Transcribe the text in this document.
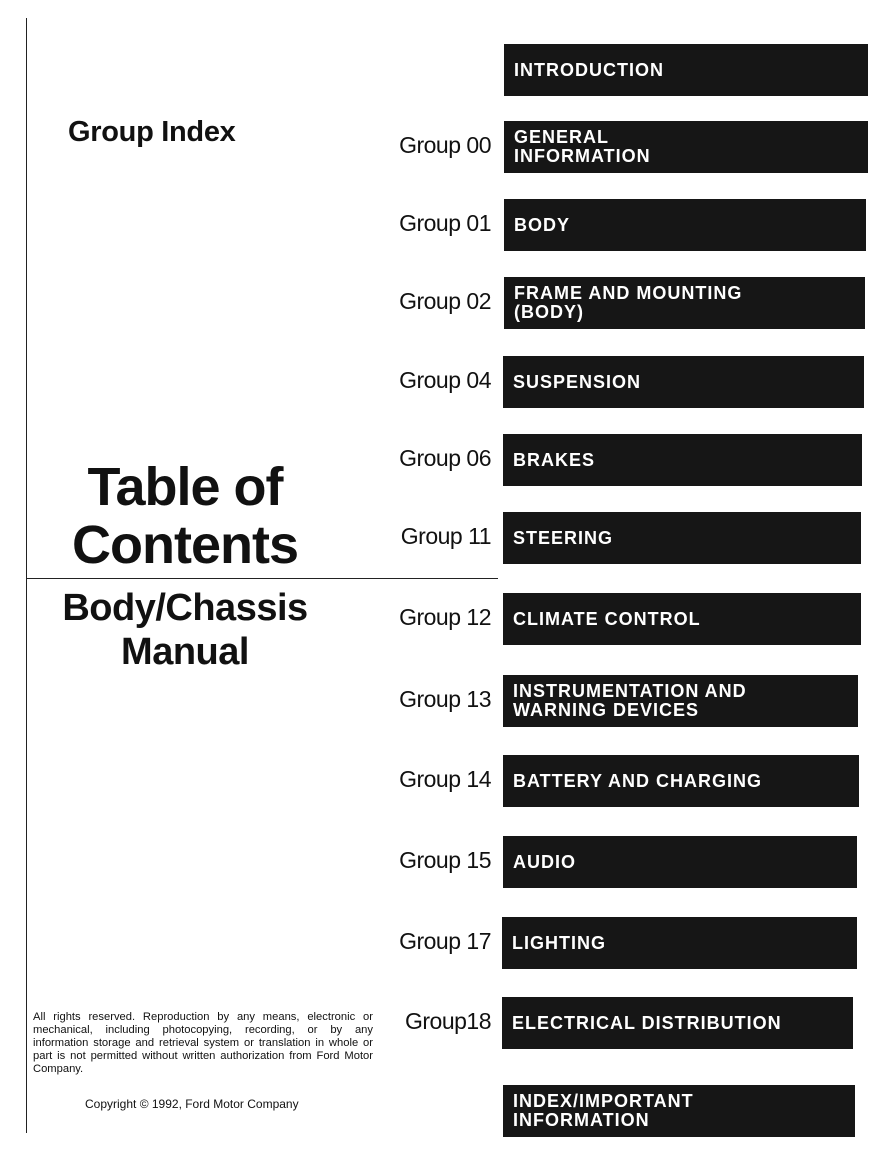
Group Index
Table of Contents
Body/Chassis Manual
All rights reserved. Reproduction by any means, electronic or mechanical, including photocopying, recording, or by any information storage and retrieval system or translation in whole or part is not permitted without written authorization from Ford Motor Company.
Copyright © 1992, Ford Motor Company
INTRODUCTION
Group 00 GENERAL
INFORMATION
Group 01 BODY
Group 02 FRAME AND MOUNTING
(BODY)
Group 04 SUSPENSION
Group 06 BRAKES
Group 11 STEERING
Group 12 CLIMATE CONTROL
Group 13 INSTRUMENTATION AND
WARNING DEVICES
Group 14 BATTERY AND CHARGING
Group 15 AUDIO
Group 17 LIGHTING
Group18 ELECTRICAL DISTRIBUTION
INDEX/IMPORTANT
INFORMATION
